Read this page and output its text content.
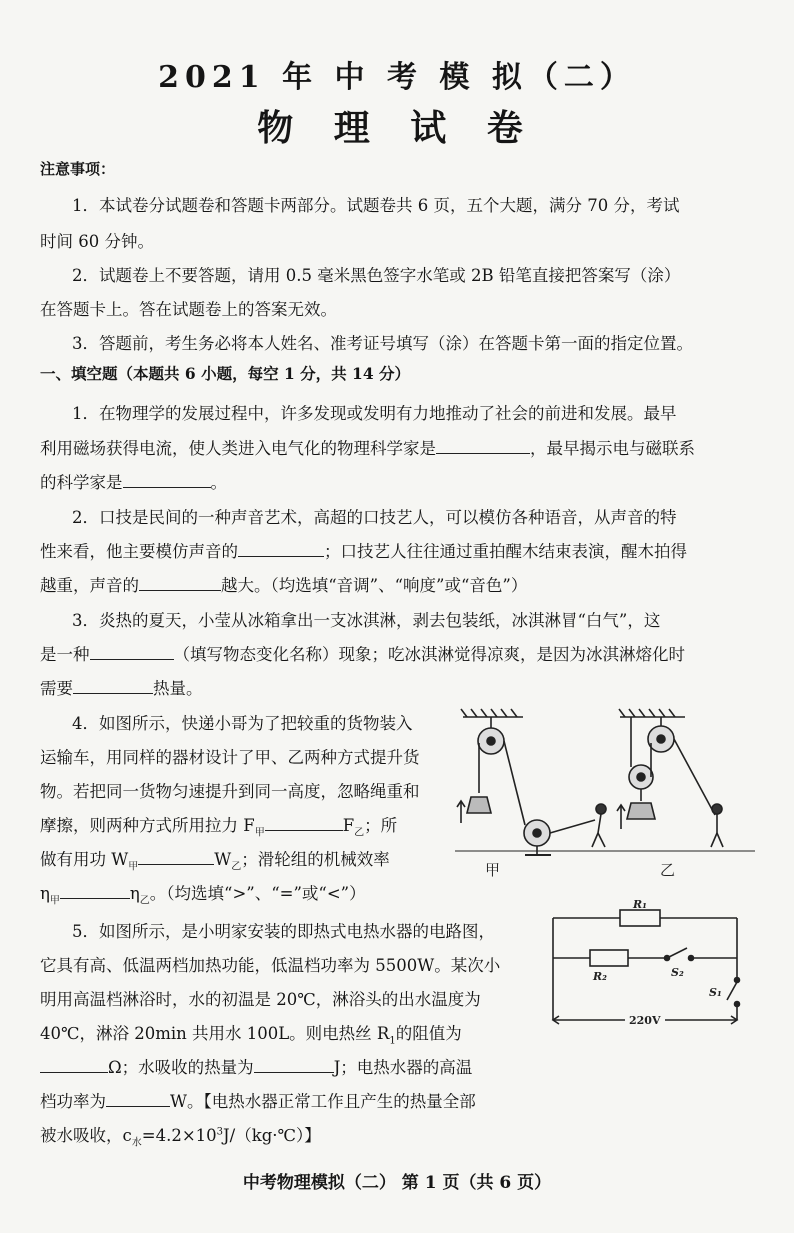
2021 年 中 考 模 拟（二）
物 理 试 卷
注意事项：
1．本试卷分试题卷和答题卡两部分。试题卷共 6 页，五个大题，满分 70 分，考试
时间 60 分钟。
2．试题卷上不要答题，请用 0.5 毫米黑色签字水笔或 2B 铅笔直接把答案写（涂）
在答题卡上。答在试题卷上的答案无效。
3．答题前，考生务必将本人姓名、准考证号填写（涂）在答题卡第一面的指定位置。
一、填空题（本题共 6 小题，每空 1 分，共 14 分）
1．在物理学的发展过程中，许多发现或发明有力地推动了社会的前进和发展。最早
利用磁场获得电流，使人类进入电气化的物理科学家是	，最早揭示电与磁联系
的科学家是	。
2．口技是民间的一种声音艺术，高超的口技艺人，可以模仿各种语音，从声音的特
性来看，他主要模仿声音的	；口技艺人往往通过重拍醒木结束表演，醒木拍得
越重，声音的	越大。（均选填“音调”、“响度”或“音色”）
3．炎热的夏天，小莹从冰箱拿出一支冰淇淋，剥去包装纸，冰淇淋冒“白气”，这
是一种	（填写物态变化名称）现象；吃冰淇淋觉得凉爽，是因为冰淇淋熔化时
需要	热量。
4．如图所示，快递小哥为了把较重的货物装入
运输车，用同样的器材设计了甲、乙两种方式提升货
物。若把同一货物匀速提升到同一高度，忽略绳重和
摩擦，则两种方式所用拉力 $F_甲$	$F_乙$；所
做有用功 $W_甲$	$W_乙$；滑轮组的机械效率
$\eta_甲$	$\eta_乙$。（均选填“>”、“=”或“<”）
甲	乙
5．如图所示，是小明家安装的即热式电热水器的电路图，
它具有高、低温两档加热功能，低温档功率为 5500W。某次小
明用高温档淋浴时，水的初温是 20℃，淋浴头的出水温度为
40℃，淋浴 20min 共用水 100L。则电热丝 $R_1$的阻值为
Ω；水吸收的热量为	J；电热水器的高温
档功率为	W。【电热水器正常工作且产生的热量全部
被水吸收，$c_水=4.2\times 10^3J/(kg\cdot℃)$】
R₁
R₂	S₂
S₁
220V
中考物理模拟（二） 第 1 页（共 6 页）
